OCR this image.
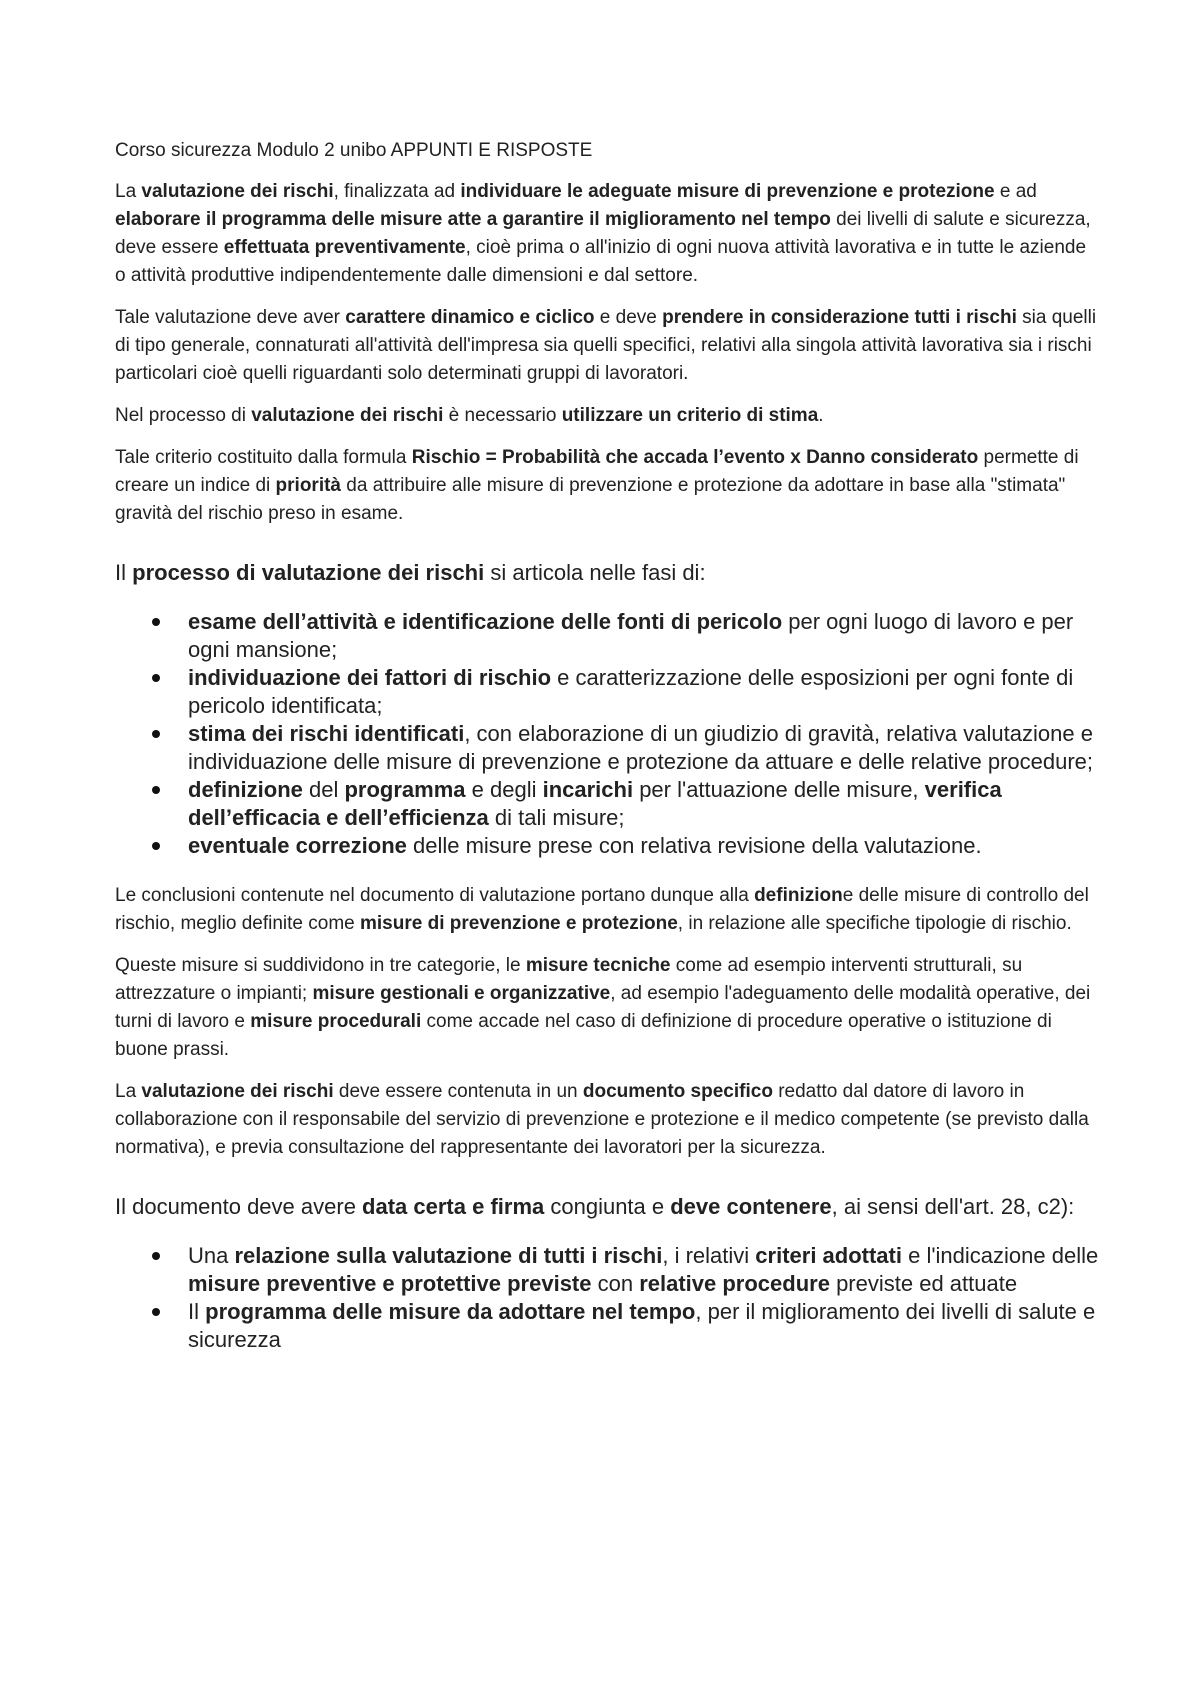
Corso sicurezza Modulo 2 unibo APPUNTI E RISPOSTE

La valutazione dei rischi, finalizzata ad individuare le adeguate misure di prevenzione e protezione e ad elaborare il programma delle misure atte a garantire il miglioramento nel tempo dei livelli di salute e sicurezza, deve essere effettuata preventivamente, cioè prima o all'inizio di ogni nuova attività lavorativa e in tutte le aziende o attività produttive indipendentemente dalle dimensioni e dal settore.

Tale valutazione deve aver carattere dinamico e ciclico e deve prendere in considerazione tutti i rischi sia quelli di tipo generale, connaturati all'attività dell'impresa sia quelli specifici, relativi alla singola attività lavorativa sia i rischi particolari cioè quelli riguardanti solo determinati gruppi di lavoratori.

Nel processo di valutazione dei rischi è necessario utilizzare un criterio di stima.

Tale criterio costituito dalla formula Rischio = Probabilità che accada l’evento x Danno considerato permette di creare un indice di priorità da attribuire alle misure di prevenzione e protezione da adottare in base alla "stimata" gravità del rischio preso in esame.

Il processo di valutazione dei rischi si articola nelle fasi di:

esame dell’attività e identificazione delle fonti di pericolo per ogni luogo di lavoro e per ogni mansione;
individuazione dei fattori di rischio e caratterizzazione delle esposizioni per ogni fonte di pericolo identificata;
stima dei rischi identificati, con elaborazione di un giudizio di gravità, relativa valutazione e individuazione delle misure di prevenzione e protezione da attuare e delle relative procedure;
definizione del programma e degli incarichi per l'attuazione delle misure, verifica dell’efficacia e dell’efficienza di tali misure;
eventuale correzione delle misure prese con relativa revisione della valutazione.

Le conclusioni contenute nel documento di valutazione portano dunque alla definizione delle misure di controllo del rischio, meglio definite come misure di prevenzione e protezione, in relazione alle specifiche tipologie di rischio.

Queste misure si suddividono in tre categorie, le misure tecniche come ad esempio interventi strutturali, su attrezzature o impianti; misure gestionali e organizzative, ad esempio l'adeguamento delle modalità operative, dei turni di lavoro e misure procedurali come accade nel caso di definizione di procedure operative o istituzione di buone prassi.

La valutazione dei rischi deve essere contenuta in un documento specifico redatto dal datore di lavoro in collaborazione con il responsabile del servizio di prevenzione e protezione e il medico competente (se previsto dalla normativa), e previa consultazione del rappresentante dei lavoratori per la sicurezza.

Il documento deve avere data certa e firma congiunta e deve contenere, ai sensi dell'art. 28, c2):

Una relazione sulla valutazione di tutti i rischi, i relativi criteri adottati e l'indicazione delle misure preventive e protettive previste con relative procedure previste ed attuate
Il programma delle misure da adottare nel tempo, per il miglioramento dei livelli di salute e sicurezza
